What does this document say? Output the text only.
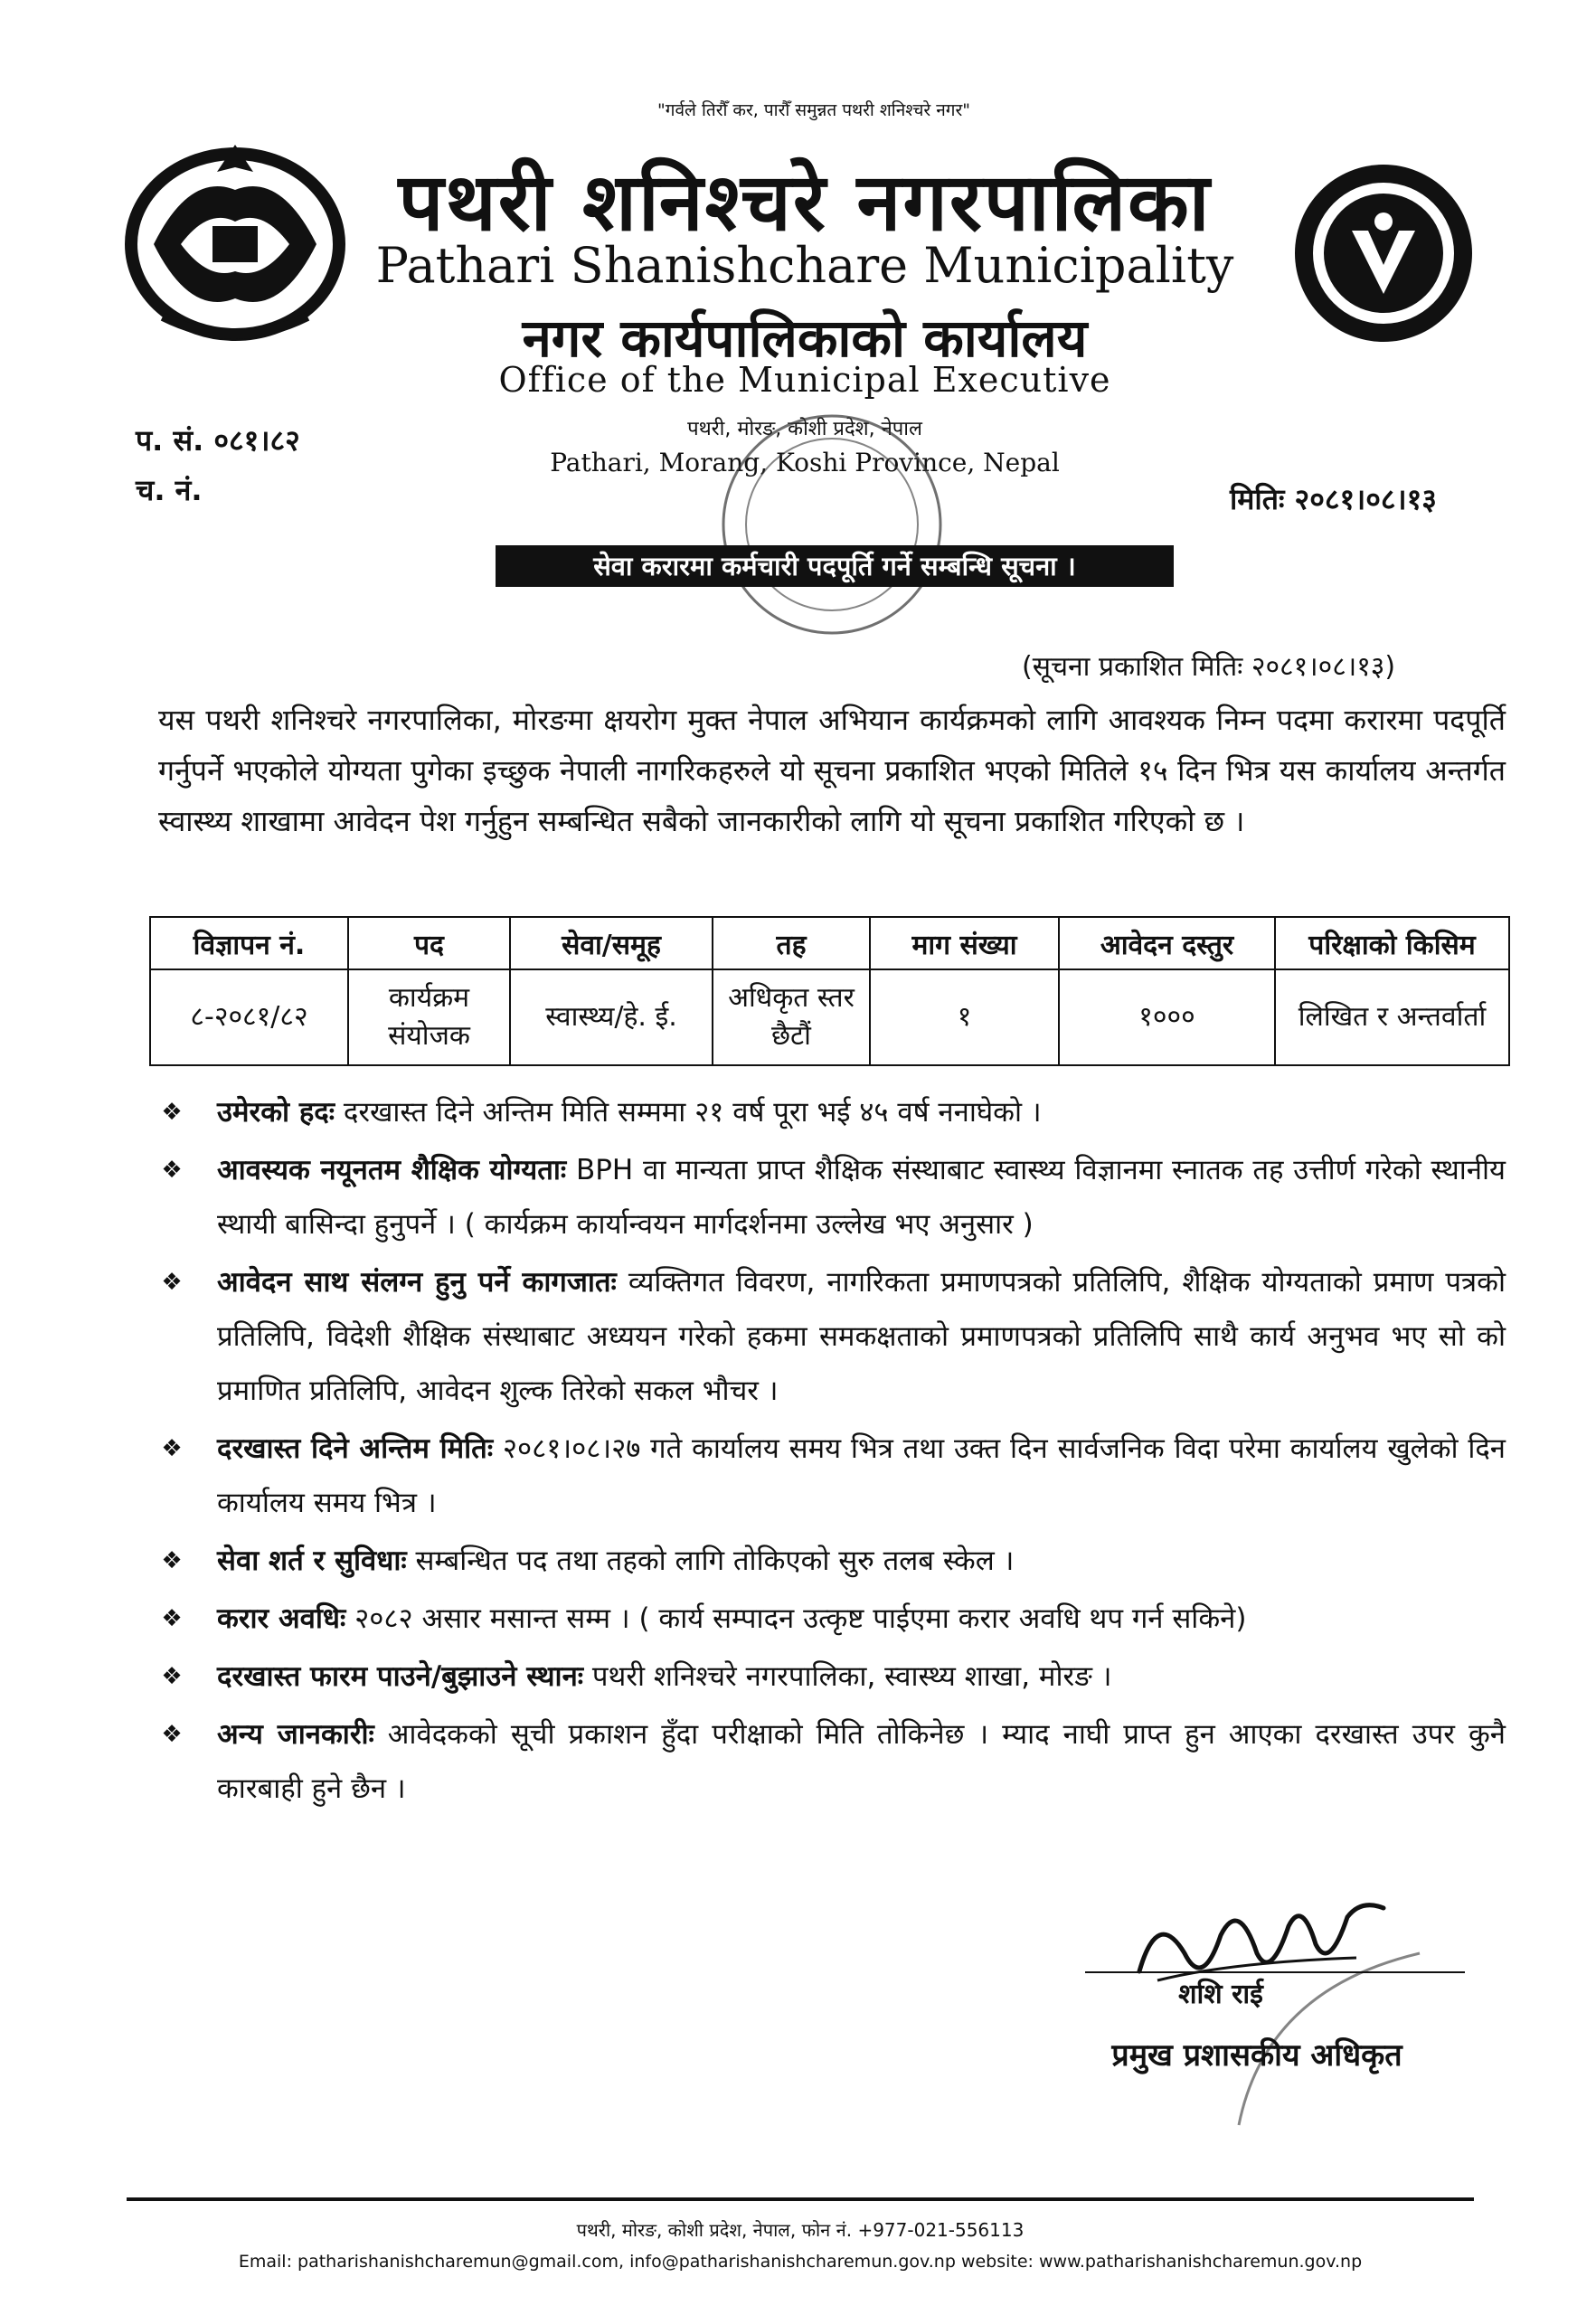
"गर्वले तिरौँ कर, पारौँ समुन्नत पथरी शनिश्चरे नगर"
पथरी शनिश्चरे नगरपालिका
Pathari Shanishchare Municipality
नगर कार्यपालिकाको कार्यालय
Office of the Municipal Executive
पथरी, मोरङ, कोशी प्रदेश, नेपाल
Pathari, Morang, Koshi Province, Nepal
प. सं. ०८१।८२
च. नं.	मितिः २०८१।०८।१३
सेवा करारमा कर्मचारी पदपूर्ति गर्ने सम्बन्धि सूचना ।
(सूचना प्रकाशित मितिः २०८१।०८।१३)
यस पथरी शनिश्चरे नगरपालिका, मोरङमा क्षयरोग मुक्त नेपाल अभियान कार्यक्रमको लागि आवश्यक निम्न पदमा करारमा पदपूर्ति गर्नुपर्ने भएकोले योग्यता पुगेका इच्छुक नेपाली नागरिकहरुले यो सूचना प्रकाशित भएको मितिले १५ दिन भित्र यस कार्यालय अन्तर्गत स्वास्थ्य शाखामा आवेदन पेश गर्नुहुन सम्बन्धित सबैको जानकारीको लागि यो सूचना प्रकाशित गरिएको छ ।
विज्ञापन नं.	पद	सेवा/समूह	तह	माग संख्या	आवेदन दस्तुर	परिक्षाको किसिम
८-२०८१/८२	कार्यक्रम संयोजक	स्वास्थ्य/हे. ई.	अधिकृत स्तर छैटौं	१	१०००	लिखित र अन्तर्वार्ता
❖ उमेरको हदः दरखास्त दिने अन्तिम मिति सम्ममा २१ वर्ष पूरा भई ४५ वर्ष ननाघेको ।
❖ आवस्यक नयूनतम शैक्षिक योग्यताः BPH वा मान्यता प्राप्त शैक्षिक संस्थाबाट स्वास्थ्य विज्ञानमा स्नातक तह उत्तीर्ण गरेको स्थानीय स्थायी बासिन्दा हुनुपर्ने । ( कार्यक्रम कार्यान्वयन मार्गदर्शनमा उल्लेख भए अनुसार )
❖ आवेदन साथ संलग्न हुनु पर्ने कागजातः व्यक्तिगत विवरण, नागरिकता प्रमाणपत्रको प्रतिलिपि, शैक्षिक योग्यताको प्रमाण पत्रको प्रतिलिपि, विदेशी शैक्षिक संस्थाबाट अध्ययन गरेको हकमा समकक्षताको प्रमाणपत्रको प्रतिलिपि साथै कार्य अनुभव भए सो को प्रमाणित प्रतिलिपि, आवेदन शुल्क तिरेको सकल भौचर ।
❖ दरखास्त दिने अन्तिम मितिः २०८१।०८।२७ गते कार्यालय समय भित्र तथा उक्त दिन सार्वजनिक विदा परेमा कार्यालय खुलेको दिन कार्यालय समय भित्र ।
❖ सेवा शर्त र सुविधाः सम्बन्धित पद तथा तहको लागि तोकिएको सुरु तलब स्केल ।
❖ करार अवधिः २०८२ असार मसान्त सम्म । ( कार्य सम्पादन उत्कृष्ट पाईएमा करार अवधि थप गर्न सकिने)
❖ दरखास्त फारम पाउने/बुझाउने स्थानः पथरी शनिश्चरे नगरपालिका, स्वास्थ्य शाखा, मोरङ ।
❖ अन्य जानकारीः आवेदकको सूची प्रकाशन हुँदा परीक्षाको मिति तोकिनेछ । म्याद नाघी प्राप्त हुन आएका दरखास्त उपर कुनै कारबाही हुने छैन ।
शशि राई
प्रमुख प्रशासकीय अधिकृत
पथरी, मोरङ, कोशी प्रदेश, नेपाल, फोन नं. +977-021-556113
Email: patharishanishcharemun@gmail.com, info@patharishanishcharemun.gov.np website: www.patharishanishcharemun.gov.np
